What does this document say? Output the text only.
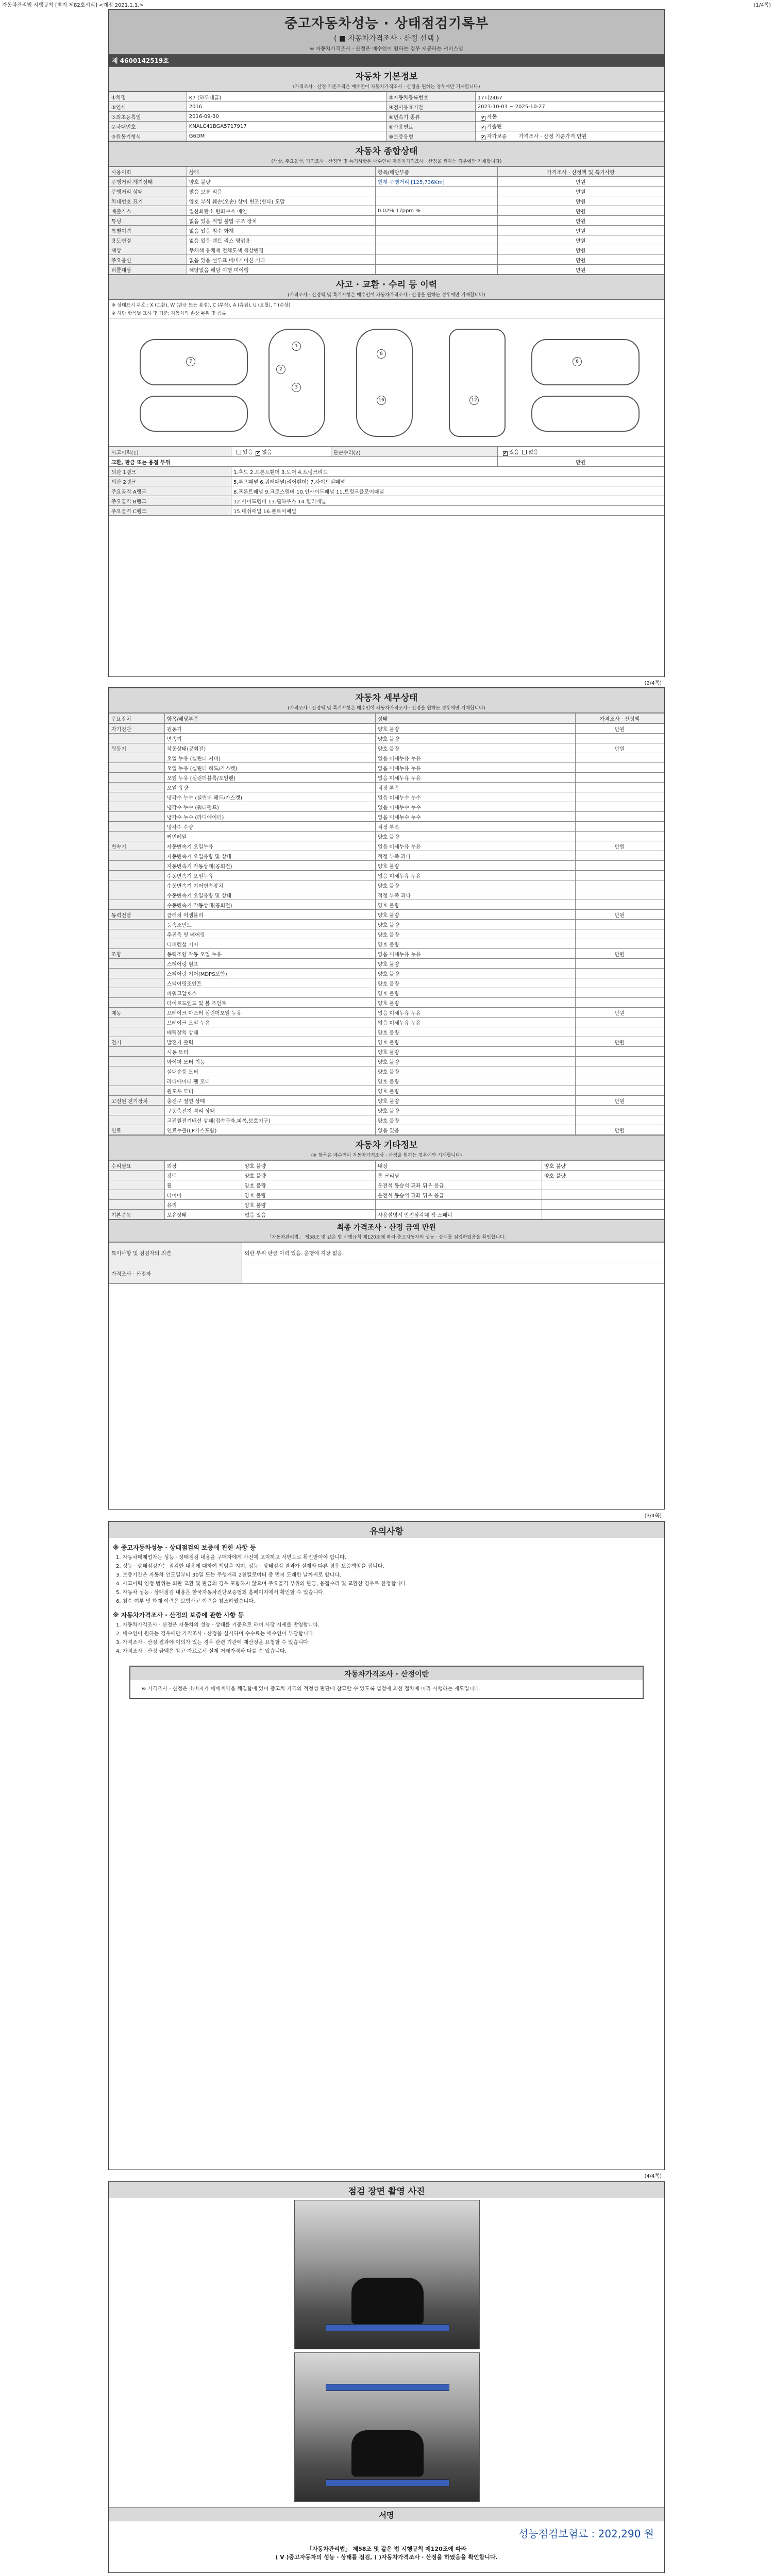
자동차관리법 시행규칙 [별지 제82호서식] <개정 2021.1.1.>	(1/4쪽)
중고자동차성능 · 상태점검기록부
( ■ 자동차가격조사 · 산정 선택 )
※ 자동차가격조사 · 산정은 매수인이 원하는 경우 제공하는 서비스임
제 4600142519호
자동차 기본정보
(가격조사 · 산정 기준가격은 매수인이 자동차가격조사 · 산정을 원하는 경우에만 기재합니다)
①차명	K7 (하루대글)	②자동차등록번호	17더2467
③연식	2016	④검사유효기간	2023-10-03 ~ 2025-10-27
⑤최초등록일	2016-09-30	⑥변속기 종류	✔자동
⑦차대번호	KNALC41BGA5717917	⑧사용연료	✔가솔린
⑨원동기형식	G6DM	⑩보증유형	✔자가보증 가격조사 · 산정 기준가격 만원
자동차 종합상태
(색상, 주요옵션, 가격조사 · 산정액 및 특기사항은 매수인이 자동차가격조사 · 산정을 원하는 경우에만 기재합니다)
사용이력	상태	항목/해당부품	가격조사 · 산정액 및 특기사항
주행거리 계기상태	양호 불량	현재 주행거리 [125,736Km]	만원
주행거리 상태	많음 보통 적음		만원
차대번호 표기	양호 부식 훼손(오손) 상이 변조(변타) 도말		만원
배출가스	일산화탄소 탄화수소 매연	0.02% 17ppm %	만원
튜닝	없음 있음 적법 불법 구조 장치		만원
특별이력	없음 있음 침수 화재		만원
용도변경	없음 있음 렌트 리스 영업용		만원
색상	무채색 유채색 전체도색 색상변경		만원
주요옵션	없음 있음 선루프 네비게이션 기타		만원
리콜대상	해당없음 해당 이행 미이행		만원
사고 · 교환 · 수리 등 이력
(가격조사 · 산정액 및 특기사항은 매수인이 자동차가격조사 · 산정을 원하는 경우에만 기재합니다)
※ 상태표시 부호 : X (교환), W (판금 또는 용접), C (부식), A (흠집), U (요철), T (손상)
※ 하단 항목별 표시 및 기준: 자동차의 손상 부위 및 종류
1
2
3
8
16	12
7	6
사고이력(1)	있음 ✔ 없음	단순수리(2)	✔있음 없음
교환, 판금 또는 용접 부위			만원
외판 1랭크	1.후드 2.프론트휀더 3.도어 4.트렁크리드		
외판 2랭크	5.루프패널 6.쿼터패널(리어휀더) 7.사이드실패널		
주요골격 A랭크	8.프론트패널 9.크로스멤버 10.인사이드패널 11.트렁크플로어패널		
주요골격 B랭크	12.사이드멤버 13.휠하우스 14.필러패널		
주요골격 C랭크	15.대쉬패널 16.플로어패널		
(2/4쪽)
자동차 세부상태
(가격조사 · 산정액 및 특기사항은 매수인이 자동차가격조사 · 산정을 원하는 경우에만 기재합니다)
주요장치	항목/해당부품	상태	가격조사 · 산정액
자기진단	원동기	양호 불량	만원
	변속기	양호 불량	
원동기	작동상태(공회전)	양호 불량	만원
	오일 누유 (실린더 커버)	없음 미세누유 누유	
	오일 누유 (실린더 헤드/가스켓)	없음 미세누유 누유	
	오일 누유 (실린더블록/오일팬)	없음 미세누유 누유	
	오일 유량	적정 부족	
	냉각수 누수 (실린더 헤드/가스켓)	없음 미세누수 누수	
	냉각수 누수 (워터펌프)	없음 미세누수 누수	
	냉각수 누수 (라디에이터)	없음 미세누수 누수	
	냉각수 수량	적정 부족	
	커먼레일	양호 불량	
변속기	자동변속기 오일누유	없음 미세누유 누유	만원
	자동변속기 오일유량 및 상태	적정 부족 과다	
	자동변속기 작동상태(공회전)	양호 불량	
	수동변속기 오일누유	없음 미세누유 누유	
	수동변속기 기어변속장치	양호 불량	
	수동변속기 오일유량 및 상태	적정 부족 과다	
	수동변속기 작동상태(공회전)	양호 불량	
동력전달	클러치 어셈블리	양호 불량	만원
	등속조인트	양호 불량	
	추진축 및 베어링	양호 불량	
	디퍼렌셜 기어	양호 불량	
조향	동력조향 작동 오일 누유	없음 미세누유 누유	만원
	스티어링 펌프	양호 불량	
	스티어링 기어(MDPS포함)	양호 불량	
	스티어링조인트	양호 불량	
	파워고압호스	양호 불량	
	타이로드엔드 및 볼 조인트	양호 불량	
제동	브레이크 마스터 실린더오일 누유	없음 미세누유 누유	만원
	브레이크 오일 누유	없음 미세누유 누유	
	배력장치 상태	양호 불량	
전기	발전기 출력	양호 불량	만원
	시동 모터	양호 불량	
	와이퍼 모터 기능	양호 불량	
	실내송풍 모터	양호 불량	
	라디에이터 팬 모터	양호 불량	
	윈도우 모터	양호 불량	
고전원 전기장치	충전구 절연 상태	양호 불량	만원
	구동축전지 격리 상태	양호 불량	
	고전원전기배선 상태(접속단자,피복,보호기구)	양호 불량	
연료	연료누출(LP가스포함)	없음 있음	만원
자동차 기타정보
(※ 항목은 매수인이 자동차가격조사 · 산정을 원하는 경우에만 기재합니다)
수리필요	외장	양호 불량	내장	양호 불량
	광택	양호 불량	룸 크리닝	양호 불량
	휠	양호 불량	운전석 동승석 뒤좌 뒤우 응급	
	타이어	양호 불량	운전석 동승석 뒤좌 뒤우 응급	
	유리	양호 불량		
기본품목	보유상태	없음 있음	사용설명서 안전삼각대 잭 스패너	
최종 가격조사 · 산정 금액 만원
「자동차관리법」 제58조 및 같은 법 시행규칙 제120조에 따라 중고자동차의 성능 · 상태를 점검하였음을 확인합니다.
특이사항 및 점검자의 의견	외판 부위 판금 이력 있음. 운행에 지장 없음.
가격조사 · 산정자	
(3/4쪽)
유의사항
※ 중고자동차성능 · 상태점검의 보증에 관한 사항 등

1. 자동차매매업자는 성능 · 상태점검 내용을 구매자에게 사전에 고지하고 서면으로 확인받아야 합니다.

2. 성능 · 상태점검자는 점검한 내용에 대하여 책임을 지며, 성능 · 상태점검 결과가 실제와 다른 경우 보증책임을 집니다.

3. 보증기간은 자동차 인도일부터 30일 또는 주행거리 2천킬로미터 중 먼저 도래한 날까지로 합니다.

4. 사고이력 인정 범위는 외판 교환 및 판금의 경우 포함하지 않으며 주요골격 부위의 판금, 용접수리 및 교환한 경우로 한정합니다.

5. 자동차 성능 · 상태점검 내용은 한국자동차진단보증협회 홈페이지에서 확인할 수 있습니다.

6. 침수 여부 및 화재 이력은 보험사고 이력을 참조하였습니다.

※ 자동차가격조사 · 산정의 보증에 관한 사항 등

1. 자동차가격조사 · 산정은 자동차의 성능 · 상태를 기준으로 하며 시장 시세를 반영합니다.

2. 매수인이 원하는 경우에만 가격조사 · 산정을 실시하며 수수료는 매수인이 부담합니다.

3. 가격조사 · 산정 결과에 이의가 있는 경우 관련 기관에 재산정을 요청할 수 있습니다.

4. 가격조사 · 산정 금액은 참고 자료로서 실제 거래가격과 다를 수 있습니다.

자동차가격조사 · 산정이란

※ 가격조사 · 산정은 소비자가 매매계약을 체결함에 있어 중고차 가격의 적정성 판단에 참고할 수 있도록 법정에 의한 절차에 따라 시행하는 제도입니다.

(4/4쪽)
점검 장면 촬영 사진
서명
성능점검보험료 : 202,290 원
「자동차관리법」 제58조 및 같은 법 시행규칙 제120조에 따라
( V )중고자동차의 성능 · 상태를 점검, ( )자동차가격조사 · 산정을 하였음을 확인합니다.
